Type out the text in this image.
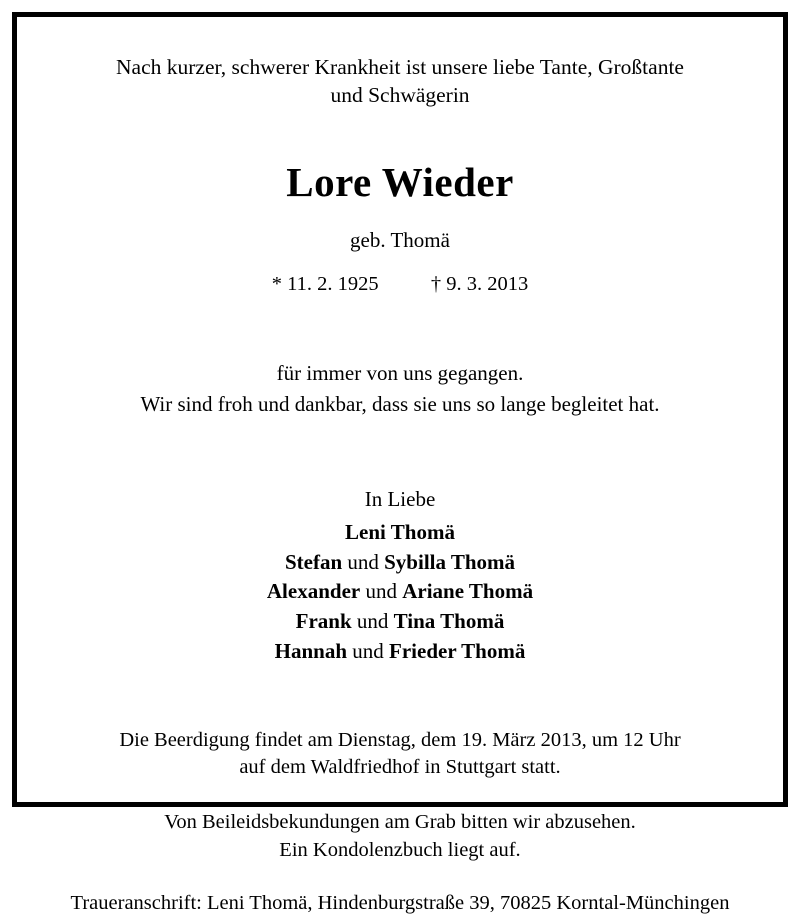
Nach kurzer, schwerer Krankheit ist unsere liebe Tante, Großtante
und Schwägerin
Lore Wieder
geb. Thomä
* 11. 2. 1925	† 9. 3. 2013
für immer von uns gegangen.
Wir sind froh und dankbar, dass sie uns so lange begleitet hat.
In Liebe
Leni Thomä
Stefan und Sybilla Thomä
Alexander und Ariane Thomä
Frank und Tina Thomä
Hannah und Frieder Thomä
Die Beerdigung findet am Dienstag, dem 19. März 2013, um 12 Uhr
auf dem Waldfriedhof in Stuttgart statt.
Von Beileidsbekundungen am Grab bitten wir abzusehen.
Ein Kondolenzbuch liegt auf.
Traueranschrift: Leni Thomä, Hindenburgstraße 39, 70825 Korntal-Münchingen
